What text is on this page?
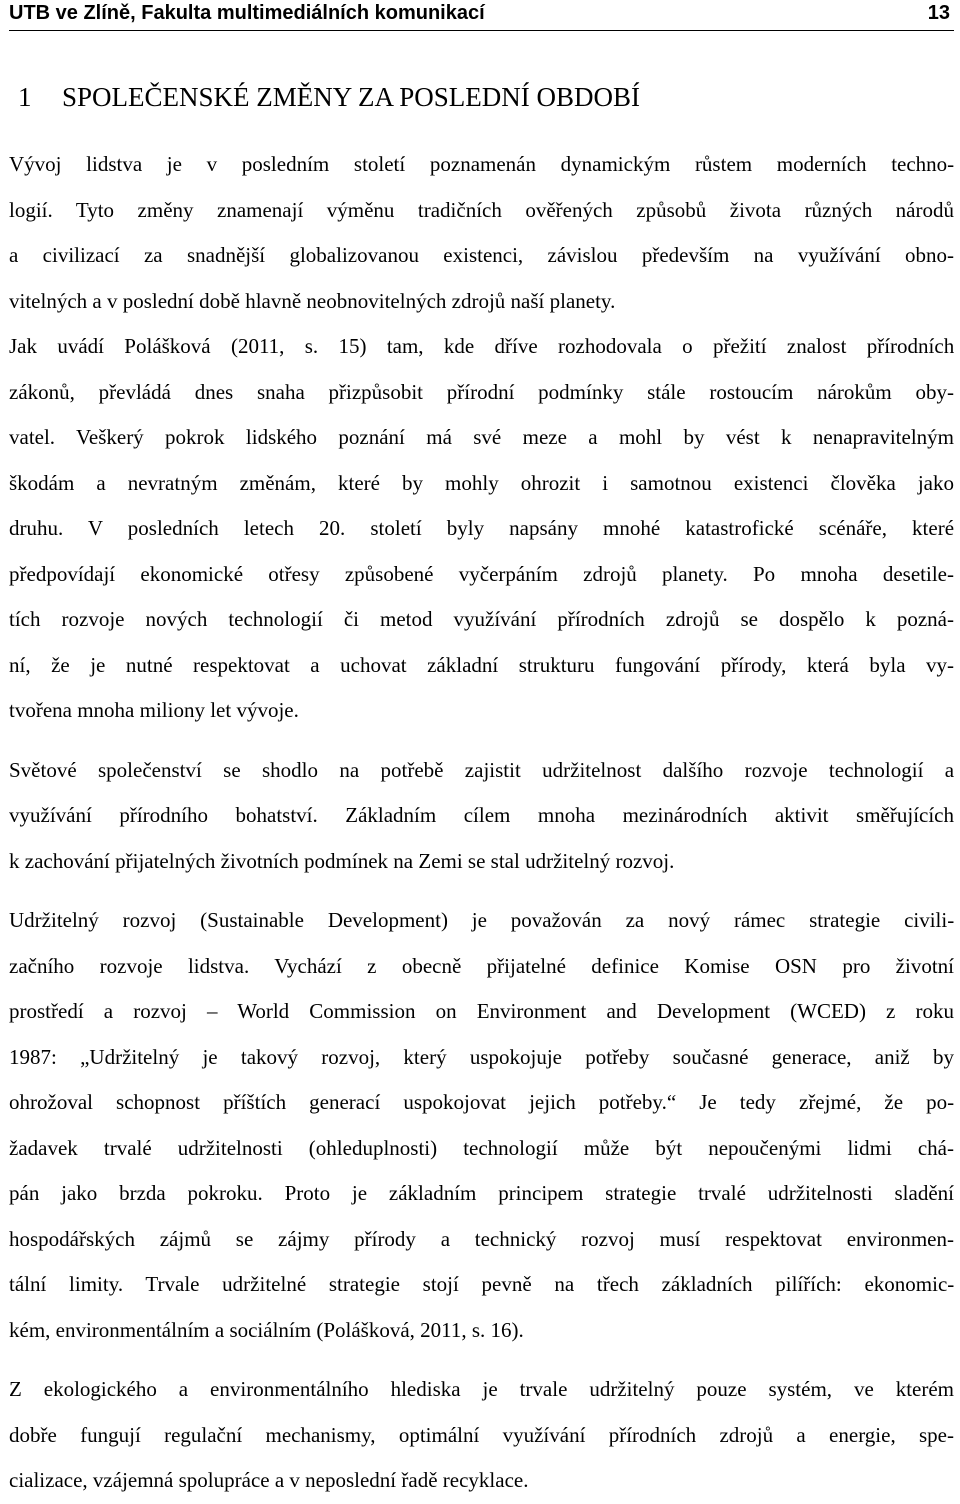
UTB ve Zlíně, Fakulta multimediálních komunikací	13
1 SPOLEČENSKÉ ZMĚNY ZA POSLEDNÍ OBDOBÍ

Vývoj lidstva je v posledním století poznamenán dynamickým růstem moderních techno-
logií. Tyto změny znamenají výměnu tradičních ověřených způsobů života různých národů
a civilizací za snadnější globalizovanou existenci, závislou především na využívání obno-
vitelných a v poslední době hlavně neobnovitelných zdrojů naší planety.

Jak uvádí Polášková (2011, s. 15) tam, kde dříve rozhodovala o přežití znalost přírodních
zákonů, převládá dnes snaha přizpůsobit přírodní podmínky stále rostoucím nárokům oby-
vatel. Veškerý pokrok lidského poznání má své meze a mohl by vést k nenapravitelným
škodám a nevratným změnám, které by mohly ohrozit i samotnou existenci člověka jako
druhu. V posledních letech 20. století byly napsány mnohé katastrofické scénáře, které
předpovídají ekonomické otřesy způsobené vyčerpáním zdrojů planety. Po mnoha desetile-
tích rozvoje nových technologií či metod využívání přírodních zdrojů se dospělo k pozná-
ní, že je nutné respektovat a uchovat základní strukturu fungování přírody, která byla vy-
tvořena mnoha miliony let vývoje.

Světové společenství se shodlo na potřebě zajistit udržitelnost dalšího rozvoje technologií a
využívání přírodního bohatství. Základním cílem mnoha mezinárodních aktivit směřujících
k zachování přijatelných životních podmínek na Zemi se stal udržitelný rozvoj.

Udržitelný rozvoj (Sustainable Development) je považován za nový rámec strategie civili-
začního rozvoje lidstva. Vychází z obecně přijatelné definice Komise OSN pro životní
prostředí a rozvoj – World Commission on Environment and Development (WCED) z roku
1987: „Udržitelný je takový rozvoj, který uspokojuje potřeby současné generace, aniž by
ohrožoval schopnost příštích generací uspokojovat jejich potřeby.“ Je tedy zřejmé, že po-
žadavek trvalé udržitelnosti (ohleduplnosti) technologií může být nepoučenými lidmi chá-
pán jako brzda pokroku. Proto je základním principem strategie trvalé udržitelnosti sladění
hospodářských zájmů se zájmy přírody a technický rozvoj musí respektovat environmen-
tální limity. Trvale udržitelné strategie stojí pevně na třech základních pilířích: ekonomic-
kém, environmentálním a sociálním (Polášková, 2011, s. 16).

Z ekologického a environmentálního hlediska je trvale udržitelný pouze systém, ve kterém
dobře fungují regulační mechanismy, optimální využívání přírodních zdrojů a energie, spe-
cializace, vzájemná spolupráce a v neposlední řadě recyklace.
